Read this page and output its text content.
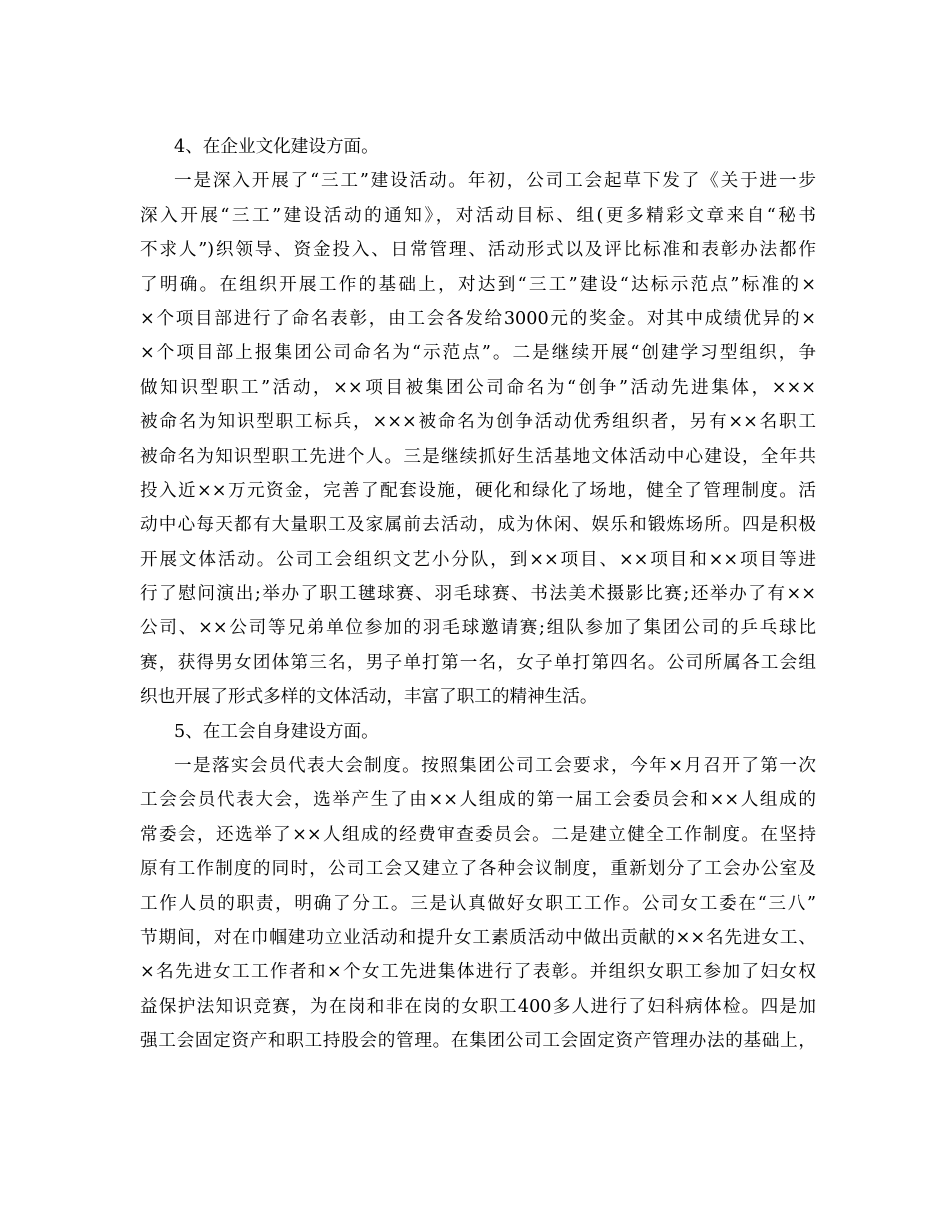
4、在企业文化建设方面。
一是深入开展了“三工”建设活动。年初，公司工会起草下发了《关于进一步
深入开展“三工”建设活动的通知》，对活动目标、组(更多精彩文章来自“秘书
不求人”)织领导、资金投入、日常管理、活动形式以及评比标准和表彰办法都作
了明确。在组织开展工作的基础上，对达到“三工”建设“达标示范点”标准的×
×个项目部进行了命名表彰，由工会各发给3000元的奖金。对其中成绩优异的×
×个项目部上报集团公司命名为“示范点”。二是继续开展“创建学习型组织，争
做知识型职工”活动，××项目被集团公司命名为“创争”活动先进集体，×××
被命名为知识型职工标兵，×××被命名为创争活动优秀组织者，另有××名职工
被命名为知识型职工先进个人。三是继续抓好生活基地文体活动中心建设，全年共
投入近××万元资金，完善了配套设施，硬化和绿化了场地，健全了管理制度。活
动中心每天都有大量职工及家属前去活动，成为休闲、娱乐和锻炼场所。四是积极
开展文体活动。公司工会组织文艺小分队，到××项目、××项目和××项目等进
行了慰问演出;举办了职工毽球赛、羽毛球赛、书法美术摄影比赛;还举办了有××
公司、××公司等兄弟单位参加的羽毛球邀请赛;组队参加了集团公司的乒乓球比
赛，获得男女团体第三名，男子单打第一名，女子单打第四名。公司所属各工会组
织也开展了形式多样的文体活动，丰富了职工的精神生活。
5、在工会自身建设方面。
一是落实会员代表大会制度。按照集团公司工会要求，今年×月召开了第一次
工会会员代表大会，选举产生了由××人组成的第一届工会委员会和××人组成的
常委会，还选举了××人组成的经费审查委员会。二是建立健全工作制度。在坚持
原有工作制度的同时，公司工会又建立了各种会议制度，重新划分了工会办公室及
工作人员的职责，明确了分工。三是认真做好女职工工作。公司女工委在“三八”
节期间，对在巾帼建功立业活动和提升女工素质活动中做出贡献的××名先进女工、
×名先进女工工作者和×个女工先进集体进行了表彰。并组织女职工参加了妇女权
益保护法知识竞赛，为在岗和非在岗的女职工400多人进行了妇科病体检。四是加
强工会固定资产和职工持股会的管理。在集团公司工会固定资产管理办法的基础上，
